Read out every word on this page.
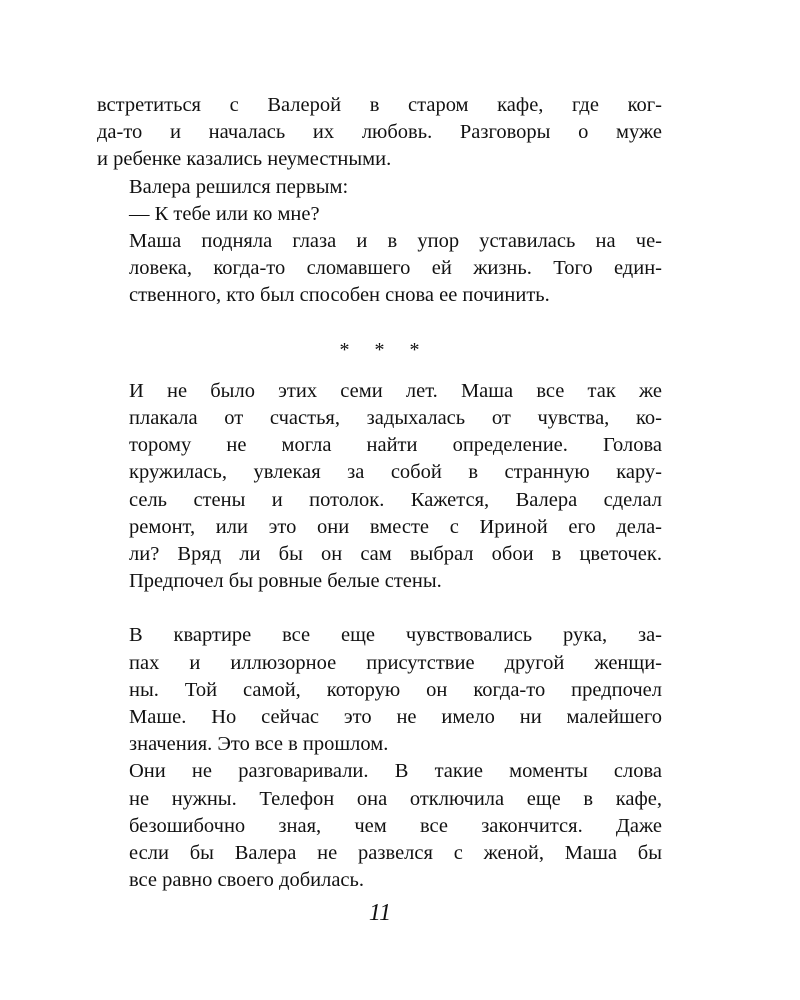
встретиться с Валерой в старом кафе, где ког-
да-то и началась их любовь. Разговоры о муже
и ребенке казались неуместными.
Валера решился первым:
— К тебе или ко мне?
Маша подняла глаза и в упор уставилась на че-
ловека, когда-то сломавшего ей жизнь. Того един-
ственного, кто был способен снова ее починить.
* * *
И не было этих семи лет. Маша все так же
плакала от счастья, задыхалась от чувства, ко-
торому не могла найти определение. Голова
кружилась, увлекая за собой в странную кару-
сель стены и потолок. Кажется, Валера сделал
ремонт, или это они вместе с Ириной его дела-
ли? Вряд ли бы он сам выбрал обои в цветочек.
Предпочел бы ровные белые стены.
В квартире все еще чувствовались рука, за-
пах и иллюзорное присутствие другой женщи-
ны. Той самой, которую он когда-то предпочел
Маше. Но сейчас это не имело ни малейшего
значения. Это все в прошлом.
Они не разговаривали. В такие моменты слова
не нужны. Телефон она отключила еще в кафе,
безошибочно зная, чем все закончится. Даже
если бы Валера не развелся с женой, Маша бы
все равно своего добилась.
11
